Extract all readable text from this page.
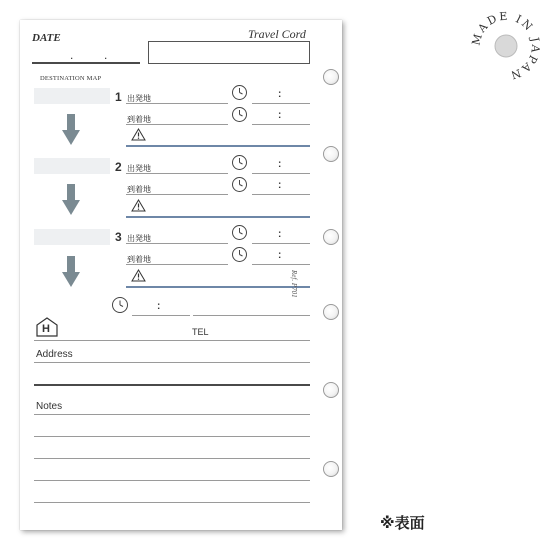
DATE
.	.
Travel Cord
DESTINATION MAP
1 出発地	:
到着地	:
2 出発地	:
到着地	:
3 出発地	:
到着地	:
Ref. P701
:
H	TEL
Address
Notes
MADE IN JAPAN
※表面
